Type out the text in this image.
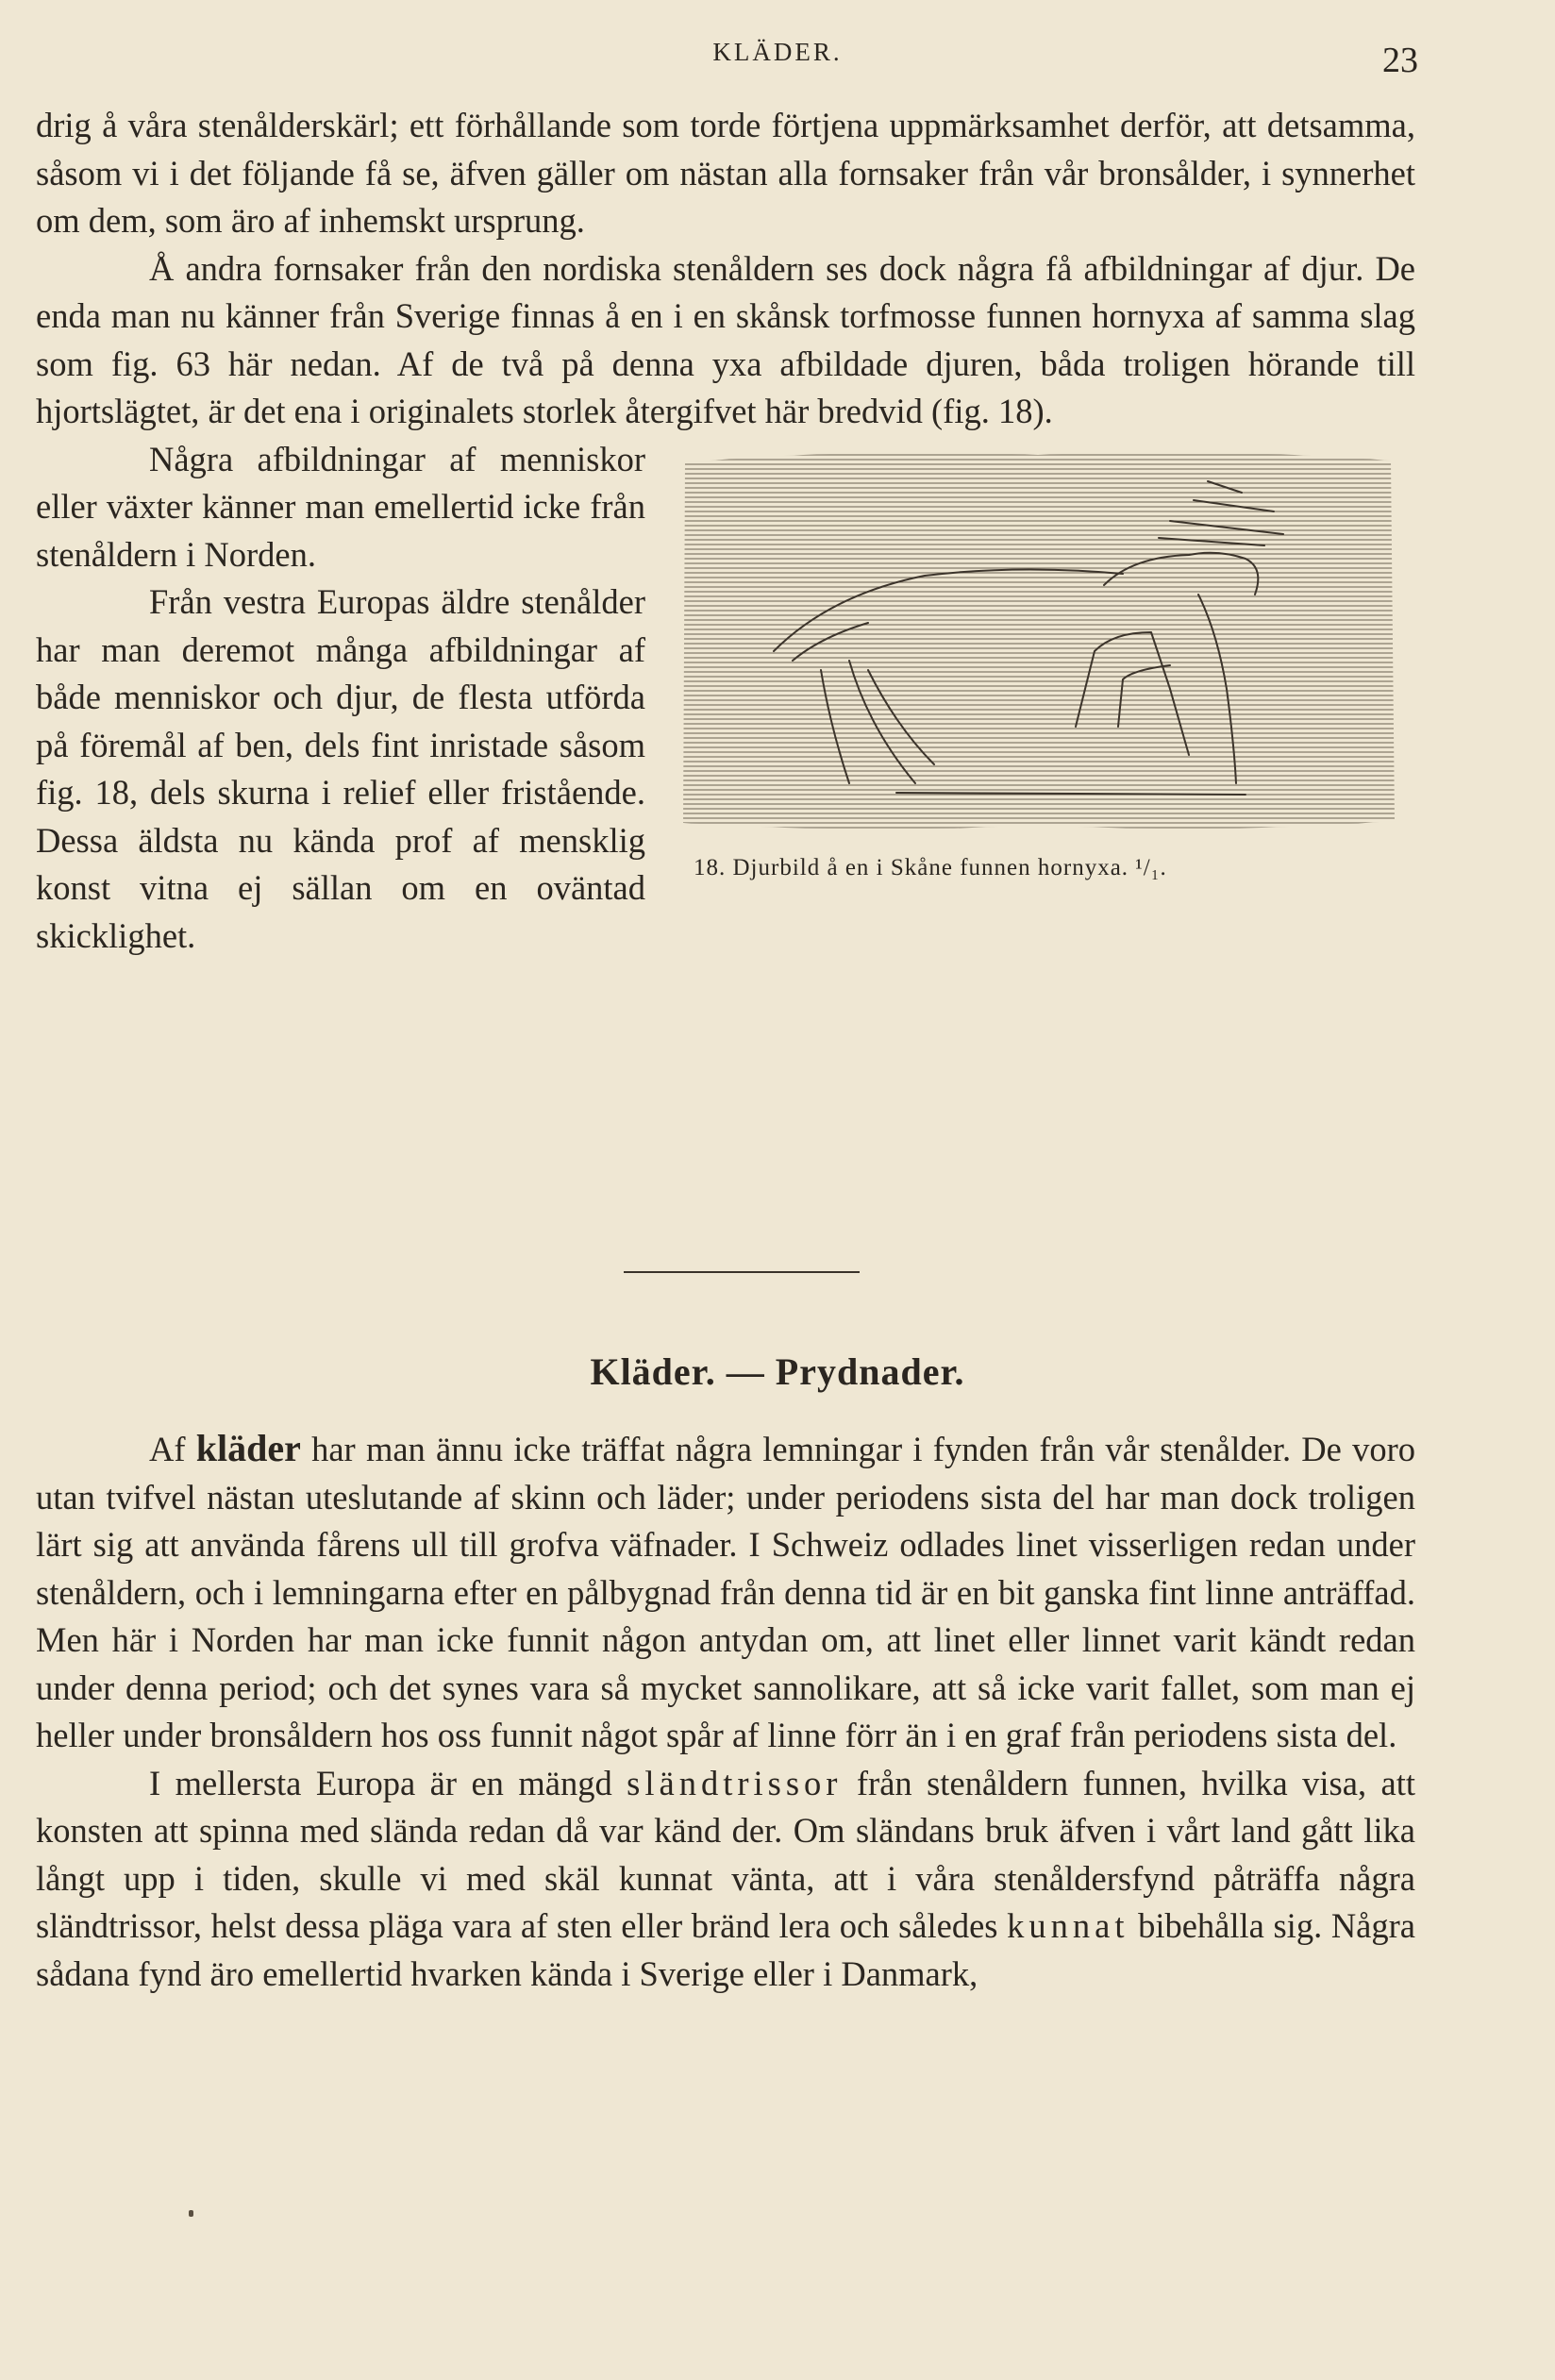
KLÄDER.	23

drig å våra stenålderskärl; ett förhållande som torde förtjena uppmärksamhet derför, att detsamma, såsom vi i det följande få se, äfven gäller om nästan alla fornsaker från vår bronsålder, i synnerhet om dem, som äro af inhemskt ursprung.

Å andra fornsaker från den nordiska stenåldern ses dock några få afbildningar af djur. De enda man nu känner från Sverige finnas å en i en skånsk torfmosse funnen hornyxa af samma slag som fig. 63 här nedan. Af de två på denna yxa afbildade djuren, båda troligen hörande till hjortslägtet, är det ena i originalets storlek återgifvet här bredvid (fig. 18).

18. Djurbild å en i Skåne funnen hornyxa. ¹/₁.

Några afbildningar af menniskor eller växter känner man emellertid icke från stenåldern i Norden.

Från vestra Europas äldre stenålder har man deremot många afbildningar af både menniskor och djur, de flesta utförda på föremål af ben, dels fint inristade såsom fig. 18, dels skurna i relief eller fristående. Dessa äldsta nu kända prof af mensklig konst vitna ej sällan om en oväntad skicklighet.

Kläder. — Prydnader.

Af kläder har man ännu icke träffat några lemningar i fynden från vår stenålder. De voro utan tvifvel nästan uteslutande af skinn och läder; under periodens sista del har man dock troligen lärt sig att använda fårens ull till grofva väfnader. I Schweiz odlades linet visserligen redan under stenåldern, och i lemningarna efter en pålbygnad från denna tid är en bit ganska fint linne anträffad. Men här i Norden har man icke funnit någon antydan om, att linet eller linnet varit kändt redan under denna period; och det synes vara så mycket sannolikare, att så icke varit fallet, som man ej heller under bronsåldern hos oss funnit något spår af linne förr än i en graf från periodens sista del.

I mellersta Europa är en mängd sländtrissor från stenåldern funnen, hvilka visa, att konsten att spinna med slända redan då var känd der. Om sländans bruk äfven i vårt land gått lika långt upp i tiden, skulle vi med skäl kunnat vänta, att i våra stenåldersfynd påträffa några sländtrissor, helst dessa pläga vara af sten eller bränd lera och således kunnat bibehålla sig. Några sådana fynd äro emellertid hvarken kända i Sverige eller i Danmark,
